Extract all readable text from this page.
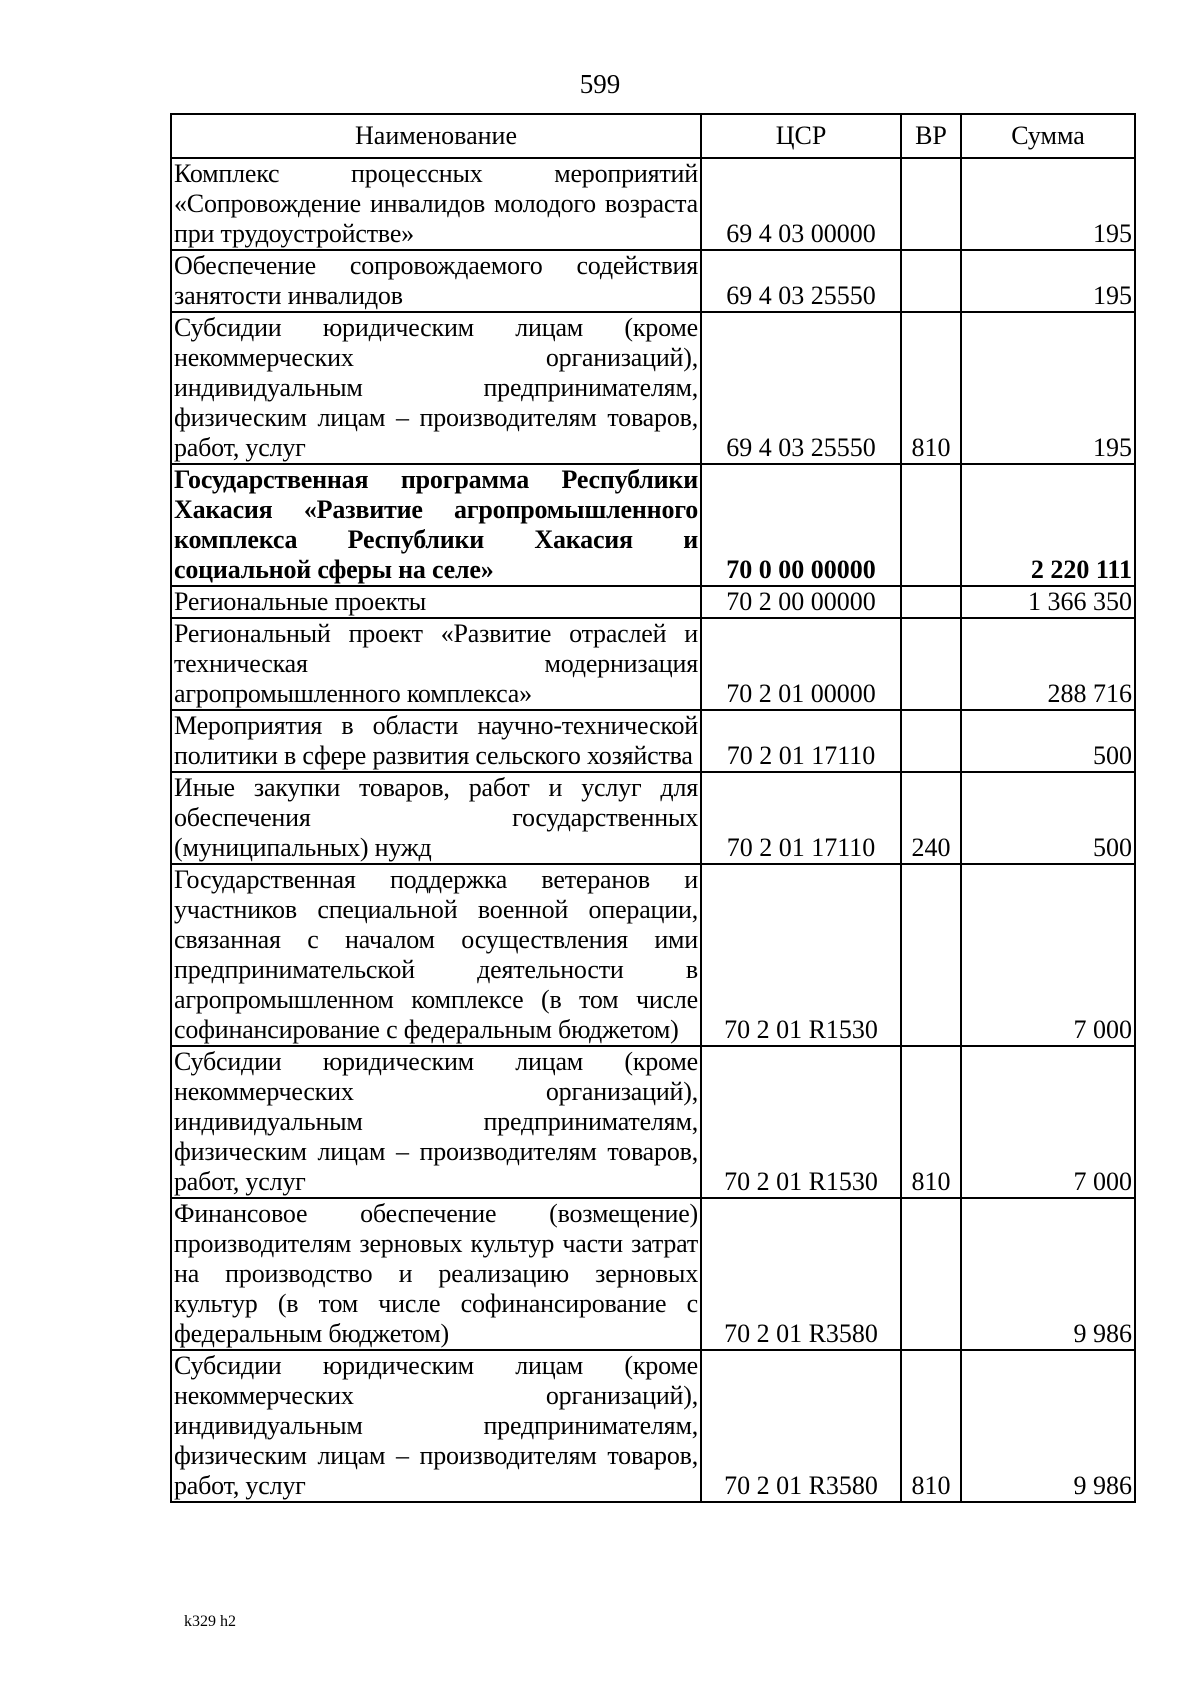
599
Наименование	ЦСР	ВР	Сумма
Комплекс процессных мероприятий «Сопровождение инвалидов молодого возраста при трудоустройстве»	69 4 03 00000		195
Обеспечение сопровождаемого содействия занятости инвалидов	69 4 03 25550		195
Субсидии юридическим лицам (кроме некоммерческих организаций), индивидуальным предпринимателям, физическим лицам – производителям товаров, работ, услуг	69 4 03 25550	810	195
Государственная программа Республики Хакасия «Развитие агропромышленного комплекса Республики Хакасия и социальной сферы на селе»	70 0 00 00000		2 220 111
Региональные проекты	70 2 00 00000		1 366 350
Региональный проект «Развитие отраслей и техническая модернизация агропромышленного комплекса»	70 2 01 00000		288 716
Мероприятия в области научно-технической политики в сфере развития сельского хозяйства	70 2 01 17110		500
Иные закупки товаров, работ и услуг для обеспечения государственных (муниципальных) нужд	70 2 01 17110	240	500
Государственная поддержка ветеранов и участников специальной военной операции, связанная с началом осуществления ими предпринимательской деятельности в агропромышленном комплексе (в том числе софинансирование с федеральным бюджетом)	70 2 01 R1530		7 000
Субсидии юридическим лицам (кроме некоммерческих организаций), индивидуальным предпринимателям, физическим лицам – производителям товаров, работ, услуг	70 2 01 R1530	810	7 000
Финансовое обеспечение (возмещение) производителям зерновых культур части затрат на производство и реализацию зерновых культур (в том числе софинансирование с федеральным бюджетом)	70 2 01 R3580		9 986
Субсидии юридическим лицам (кроме некоммерческих организаций), индивидуальным предпринимателям, физическим лицам – производителям товаров, работ, услуг	70 2 01 R3580	810	9 986
k329 h2
